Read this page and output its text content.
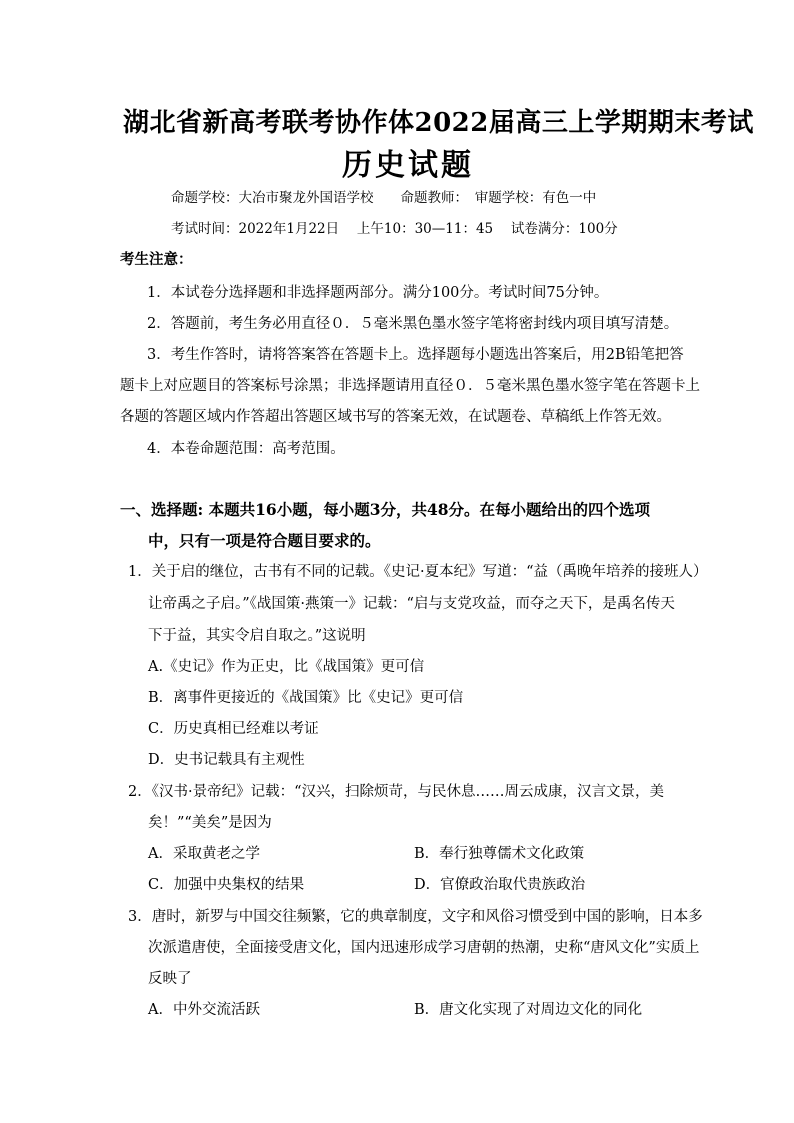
湖北省新高考联考协作体2022届高三上学期期末考试
历史试题
命题学校：大冶市聚龙外国语学校　　命题教师：　审题学校：有色一中
考试时间：2022年1月22日　 上午10：30—11：45　 试卷满分：100分
考生注意：
1．本试卷分选择题和非选择题两部分。满分100分。考试时间75分钟。
2．答题前，考生务必用直径０．５毫米黑色墨水签字笔将密封线内项目填写清楚。
3．考生作答时，请将答案答在答题卡上。选择题每小题选出答案后，用2B铅笔把答
题卡上对应题目的答案标号涂黑；非选择题请用直径０．５毫米黑色墨水签字笔在答题卡上
各题的答题区域内作答超出答题区域书写的答案无效，在试题卷、草稿纸上作答无效。
4．本卷命题范围：高考范围。
一、选择题: 本题共16小题，每小题3分，共48分。在每小题给出的四个选项
中，只有一项是符合题目要求的。
1．关于启的继位，古书有不同的记载。《史记·夏本纪》写道：“益（禹晚年培养的接班人）
让帝禹之子启。”《战国策·燕策一》记载：“启与支党攻益，而夺之天下，是禹名传天
下于益，其实令启自取之。”这说明
A.《史记》作为正史，比《战国策》更可信
B．离事件更接近的《战国策》比《史记》更可信
C．历史真相已经难以考证
D．史书记载具有主观性
2．《汉书·景帝纪》记载：“汉兴，扫除烦苛，与民休息……周云成康，汉言文景，美
矣！”“美矣”是因为
A．采取黄老之学	B．奉行独尊儒术文化政策
C．加强中央集权的结果	D．官僚政治取代贵族政治
3．唐时，新罗与中国交往频繁，它的典章制度，文字和风俗习惯受到中国的影响，日本多
次派遣唐使，全面接受唐文化，国内迅速形成学习唐朝的热潮，史称“唐风文化”实质上
反映了
A．中外交流活跃	B．唐文化实现了对周边文化的同化
